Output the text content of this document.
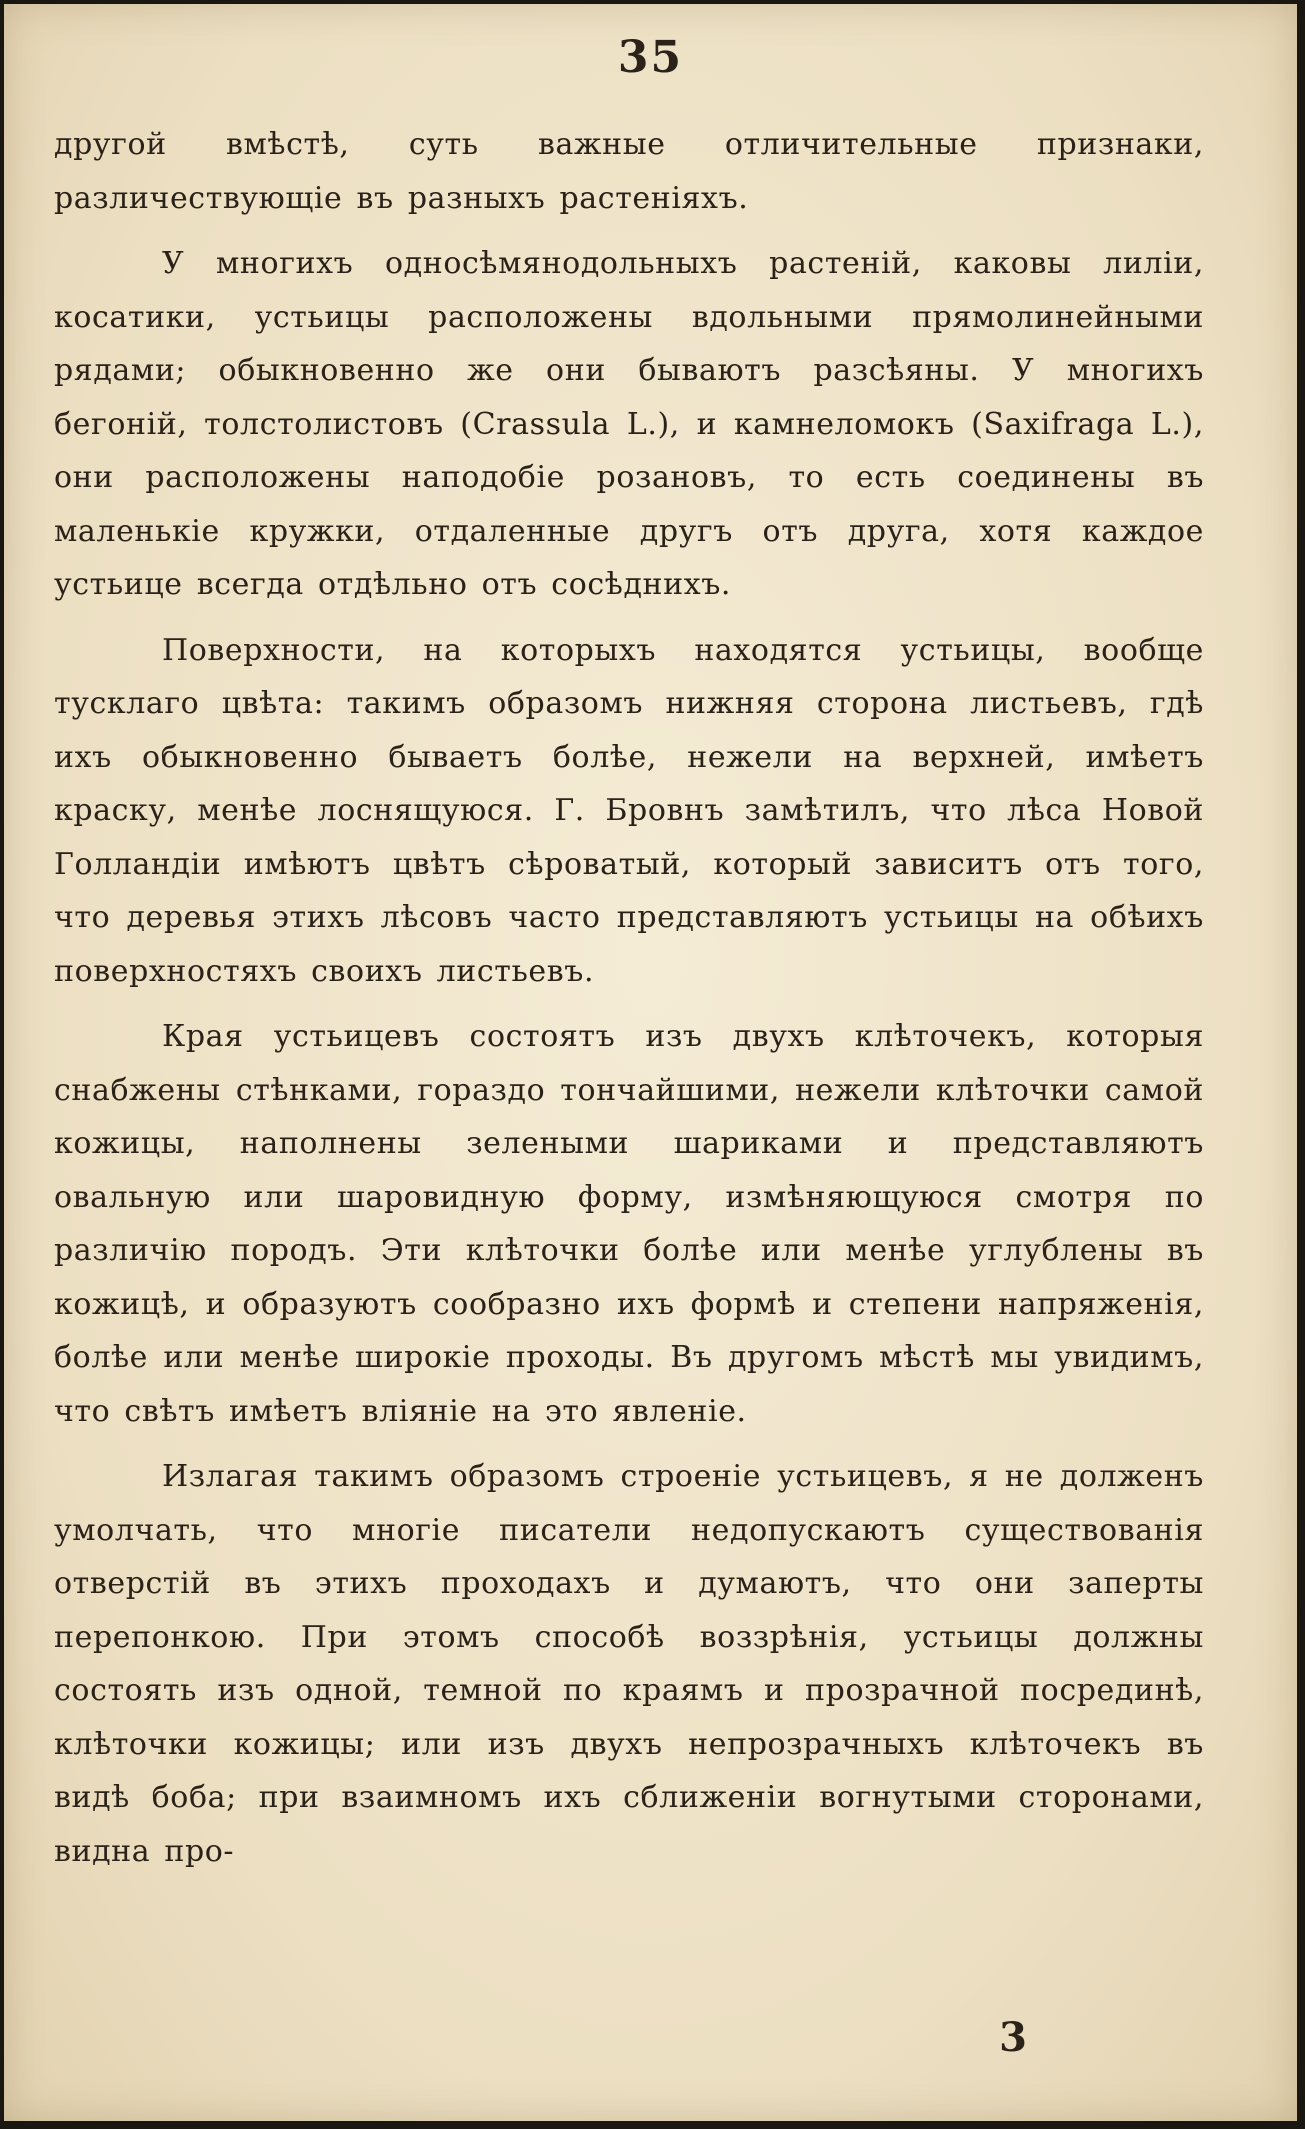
35

другой вмѣстѣ, суть важные отличительные признаки, различествующіе въ разныхъ растеніяхъ.

У многихъ односѣмянодольныхъ растеній, каковы лиліи, косатики, устьицы расположены вдольными прямолинейными рядами; обыкновенно же они бываютъ разсѣяны. У многихъ бегоній, толстолистовъ (Crassula L.), и камнеломокъ (Saxifraga L.), они расположены наподобіе розановъ, то есть соединены въ маленькіе кружки, отдаленные другъ отъ друга, хотя каждое устьице всегда отдѣльно отъ сосѣднихъ.

Поверхности, на которыхъ находятся устьицы, вообще тусклаго цвѣта: такимъ образомъ нижняя сторона листьевъ, гдѣ ихъ обыкновенно бываетъ болѣе, нежели на верхней, имѣетъ краску, менѣе лоснящуюся. Г. Бровнъ замѣтилъ, что лѣса Новой Голландіи имѣютъ цвѣтъ сѣроватый, который зависитъ отъ того, что деревья этихъ лѣсовъ часто представляютъ устьицы на обѣихъ поверхностяхъ своихъ листьевъ.

Края устьицевъ состоятъ изъ двухъ клѣточекъ, которыя снабжены стѣнками, гораздо тончайшими, нежели клѣточки самой кожицы, наполнены зелеными шариками и представляютъ овальную или шаровидную форму, измѣняющуюся смотря по различію породъ. Эти клѣточки болѣе или менѣе углублены въ кожицѣ, и образуютъ сообразно ихъ формѣ и степени напряженія, болѣе или менѣе широкіе проходы. Въ другомъ мѣстѣ мы увидимъ, что свѣтъ имѣетъ вліяніе на это явленіе.

Излагая такимъ образомъ строеніе устьицевъ, я не долженъ умолчать, что многіе писатели недопускаютъ существованія отверстій въ этихъ проходахъ и думаютъ, что они заперты перепонкою. При этомъ способѣ воззрѣнія, устьицы должны состоять изъ одной, темной по краямъ и прозрачной посрединѣ, клѣточки кожицы; или изъ двухъ непрозрачныхъ клѣточекъ въ видѣ боба; при взаимномъ ихъ сближеніи вогнутыми сторонами, видна про-

3
